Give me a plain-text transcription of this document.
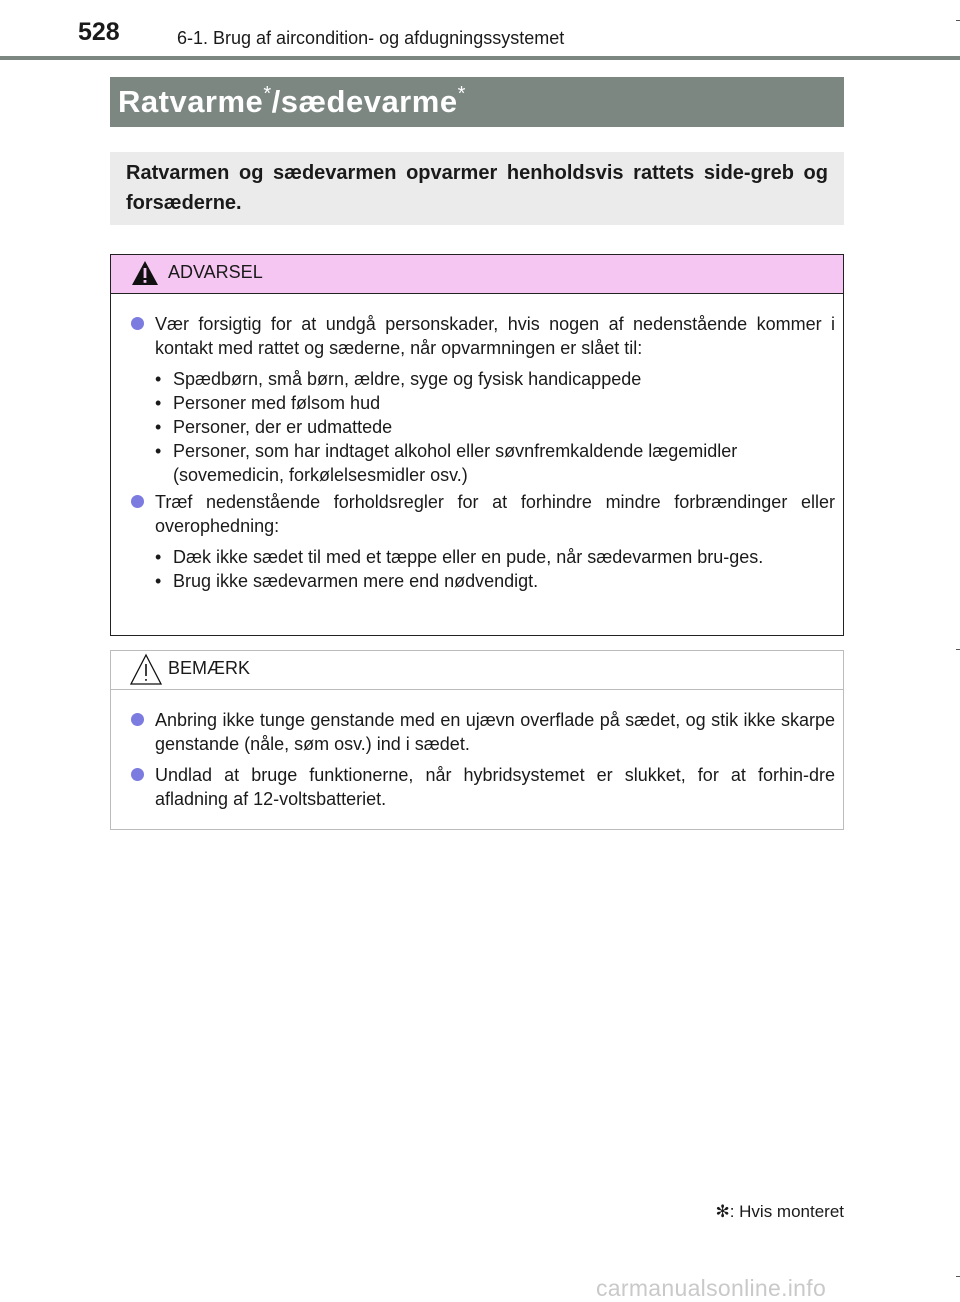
528	6-1. Brug af aircondition- og afdugningssystemet
Ratvarme*/sædevarme*

Ratvarmen og sædevarmen opvarmer henholdsvis rattets side-greb og forsæderne.

ADVARSEL
Vær forsigtig for at undgå personskader, hvis nogen af nedenstående kommer i kontakt med rattet og sæderne, når opvarmningen er slået til:
• Spædbørn, små børn, ældre, syge og fysisk handicappede
• Personer med følsom hud
• Personer, der er udmattede
• Personer, som har indtaget alkohol eller søvnfremkaldende lægemidler (sovemedicin, forkølelsesmidler osv.)
Træf nedenstående forholdsregler for at forhindre mindre forbrændinger eller overophedning:
• Dæk ikke sædet til med et tæppe eller en pude, når sædevarmen bru-ges.
• Brug ikke sædevarmen mere end nødvendigt.
BEMÆRK
Anbring ikke tunge genstande med en ujævn overflade på sædet, og stik ikke skarpe genstande (nåle, søm osv.) ind i sædet.
Undlad at bruge funktionerne, når hybridsystemet er slukket, for at forhin-dre afladning af 12-voltsbatteriet.
✻: Hvis monteret
carmanualsonline.info
